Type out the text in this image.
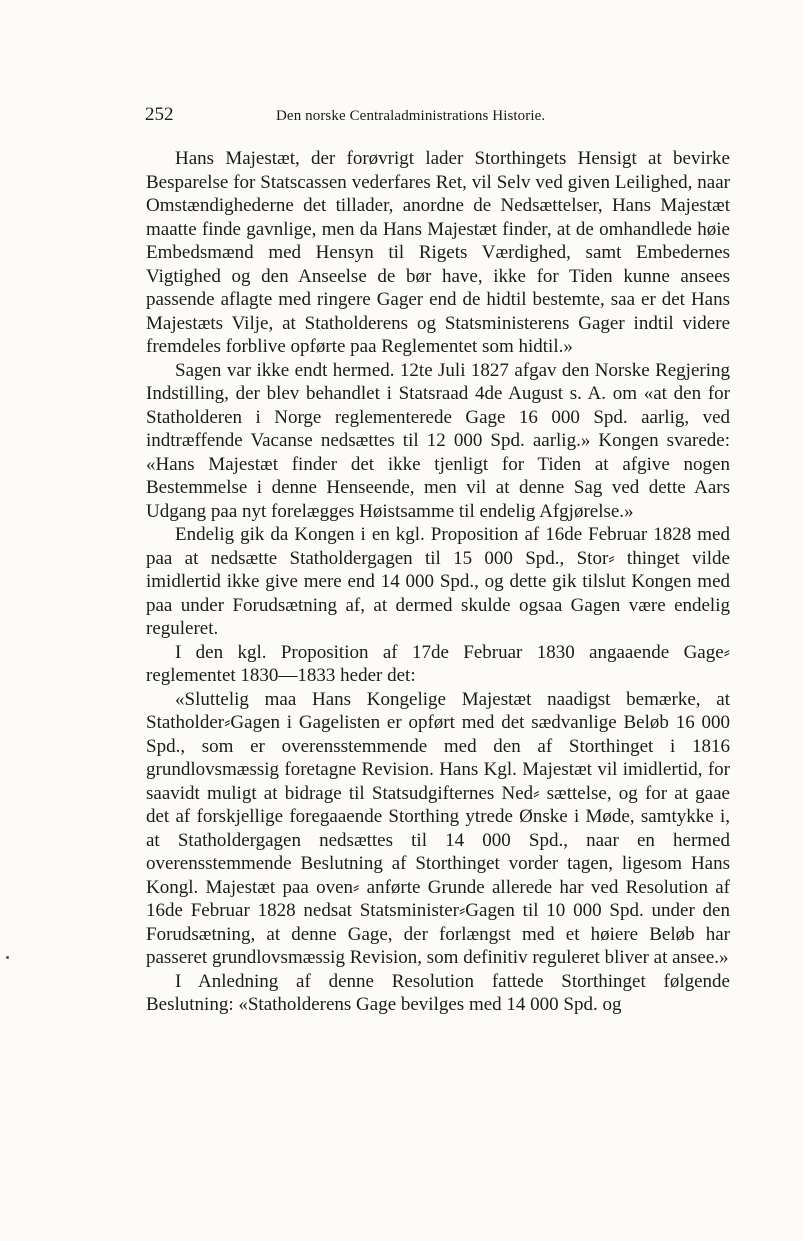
252	Den norske Centraladministrations Historie.

Hans Majestæt, der forøvrigt lader Storthingets Hensigt at bevirke Besparelse for Statscassen vederfares Ret, vil Selv ved given Leilighed, naar Omstændighederne det tillader, anordne de Nedsættelser, Hans Majestæt maatte finde gavnlige, men da Hans Majestæt finder, at de omhandlede høie Embedsmænd med Hensyn til Rigets Værdighed, samt Embedernes Vigtighed og den Anseelse de bør have, ikke for Tiden kunne ansees passende aflagte med ringere Gager end de hidtil bestemte, saa er det Hans Majestæts Vilje, at Statholderens og Statsministerens Gager indtil videre fremdeles forblive opførte paa Reglementet som hidtil.»

Sagen var ikke endt hermed. 12te Juli 1827 afgav den Norske Regjering Indstilling, der blev behandlet i Statsraad 4de August s. A. om «at den for Statholderen i Norge reglementerede Gage 16 000 Spd. aarlig, ved indtræffende Vacanse nedsættes til 12 000 Spd. aarlig.» Kongen svarede: «Hans Majestæt finder det ikke tjenligt for Tiden at afgive nogen Bestemmelse i denne Henseende, men vil at denne Sag ved dette Aars Udgang paa nyt forelægges Høistsamme til endelig Afgjørelse.»

Endelig gik da Kongen i en kgl. Proposition af 16de Februar 1828 med paa at nedsætte Statholdergagen til 15 000 Spd., Stor⸗ thinget vilde imidlertid ikke give mere end 14 000 Spd., og dette gik tilslut Kongen med paa under Forudsætning af, at dermed skulde ogsaa Gagen være endelig reguleret.

I den kgl. Proposition af 17de Februar 1830 angaaende Gage⸗ reglementet 1830—1833 heder det:

«Sluttelig maa Hans Kongelige Majestæt naadigst bemærke, at Statholder⸗Gagen i Gagelisten er opført med det sædvanlige Beløb 16 000 Spd., som er overensstemmende med den af Storthinget i 1816 grundlovsmæssig foretagne Revision. Hans Kgl. Majestæt vil imidlertid, for saavidt muligt at bidrage til Statsudgifternes Ned⸗ sættelse, og for at gaae det af forskjellige foregaaende Storthing ytrede Ønske i Møde, samtykke i, at Statholdergagen nedsættes til 14 000 Spd., naar en hermed overensstemmende Beslutning af Storthinget vorder tagen, ligesom Hans Kongl. Majestæt paa oven⸗ anførte Grunde allerede har ved Resolution af 16de Februar 1828 nedsat Statsminister⸗Gagen til 10 000 Spd. under den Forudsætning, at denne Gage, der forlængst med et høiere Beløb har passeret grundlovsmæssig Revision, som definitiv reguleret bliver at ansee.»

I Anledning af denne Resolution fattede Storthinget følgende Beslutning: «Statholderens Gage bevilges med 14 000 Spd. og
